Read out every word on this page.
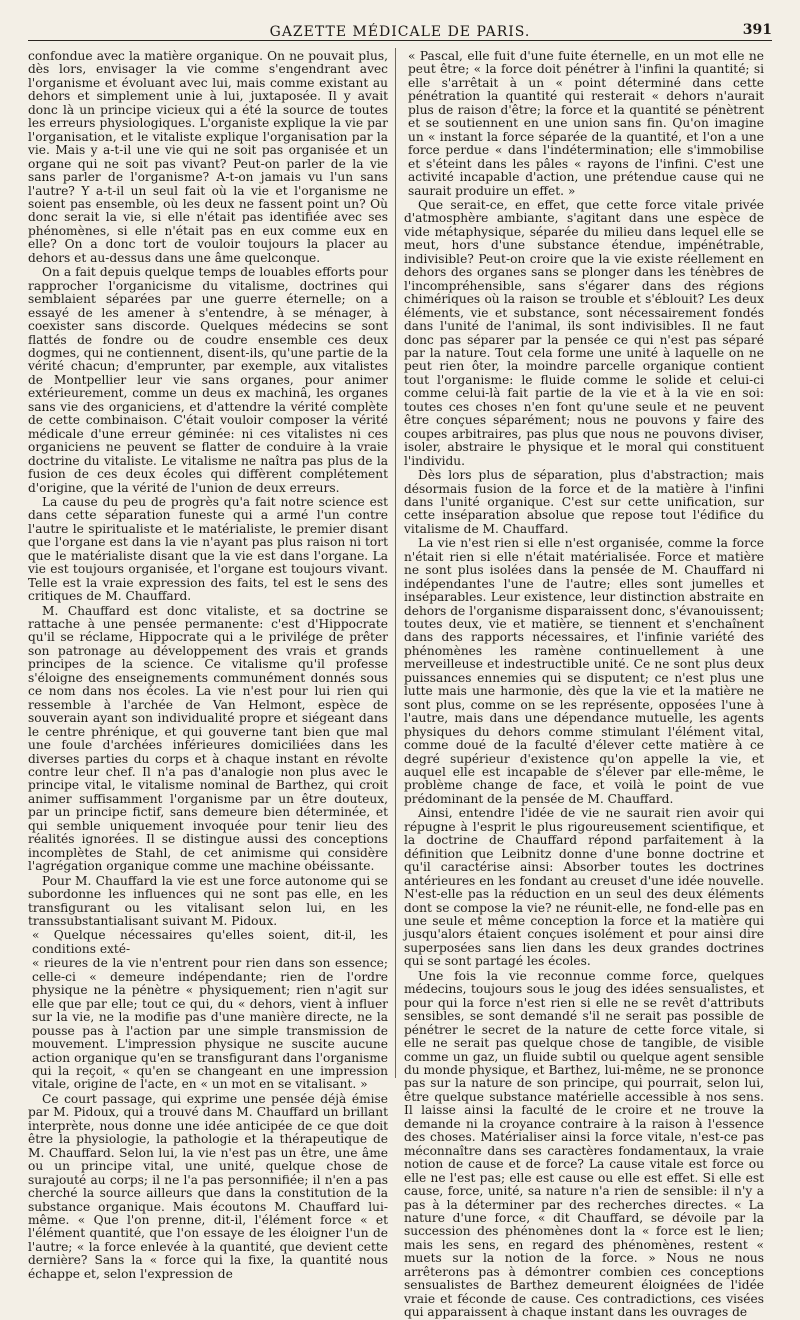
GAZETTE MÉDICALE DE PARIS.	391

confondue avec la matière organique. On ne pouvait plus, dès lors, envisager la vie comme s'engendrant avec l'organisme et évoluant avec lui, mais comme existant au dehors et simplement unie à lui, juxtaposée. Il y avait donc là un principe vicieux qui a été la source de toutes les erreurs physiologiques. L'organiste explique la vie par l'organisation, et le vitaliste explique l'organisation par la vie. Mais y a-t-il une vie qui ne soit pas organisée et un organe qui ne soit pas vivant? Peut-on parler de la vie sans parler de l'organisme? A-t-on jamais vu l'un sans l'autre? Y a-t-il un seul fait où la vie et l'organisme ne soient pas ensemble, où les deux ne fassent point un? Où donc serait la vie, si elle n'était pas identifiée avec ses phénomènes, si elle n'était pas en eux comme eux en elle? On a donc tort de vouloir toujours la placer au dehors et au-dessus dans une âme quelconque.

On a fait depuis quelque temps de louables efforts pour rapprocher l'organicisme du vitalisme, doctrines qui semblaient séparées par une guerre éternelle; on a essayé de les amener à s'entendre, à se ménager, à coexister sans discorde. Quelques médecins se sont flattés de fondre ou de coudre ensemble ces deux dogmes, qui ne contiennent, disent-ils, qu'une partie de la vérité chacun; d'emprunter, par exemple, aux vitalistes de Montpellier leur vie sans organes, pour animer extérieurement, comme un deus ex machinâ, les organes sans vie des organiciens, et d'attendre la vérité complète de cette combinaison. C'était vouloir composer la vérité médicale d'une erreur géminée: ni ces vitalistes ni ces organiciens ne peuvent se flatter de conduire à la vraie doctrine du vitaliste. Le vitalisme ne naîtra pas plus de la fusion de ces deux écoles qui diffèrent complétement d'origine, que la vérité de l'union de deux erreurs.

La cause du peu de progrès qu'a fait notre science est dans cette séparation funeste qui a armé l'un contre l'autre le spiritualiste et le matérialiste, le premier disant que l'organe est dans la vie n'ayant pas plus raison ni tort que le matérialiste disant que la vie est dans l'organe. La vie est toujours organisée, et l'organe est toujours vivant. Telle est la vraie expression des faits, tel est le sens des critiques de M. Chauffard.

M. Chauffard est donc vitaliste, et sa doctrine se rattache à une pensée permanente: c'est d'Hippocrate qu'il se réclame, Hippocrate qui a le privilége de prêter son patronage au développement des vrais et grands principes de la science. Ce vitalisme qu'il professe s'éloigne des enseignements communément donnés sous ce nom dans nos écoles. La vie n'est pour lui rien qui ressemble à l'archée de Van Helmont, espèce de souverain ayant son individualité propre et siégeant dans le centre phrénique, et qui gouverne tant bien que mal une foule d'archées inférieures domiciliées dans les diverses parties du corps et à chaque instant en révolte contre leur chef. Il n'a pas d'analogie non plus avec le principe vital, le vitalisme nominal de Barthez, qui croit animer suffisamment l'organisme par un être douteux, par un principe fictif, sans demeure bien déterminée, et qui semble uniquement invoquée pour tenir lieu des réalités ignorées. Il se distingue aussi des conceptions incomplètes de Stahl, de cet animisme qui considère l'agrégation organique comme une machine obéissante.

Pour M. Chauffard la vie est une force autonome qui se subordonne les influences qui ne sont pas elle, en les transfigurant ou les vitalisant selon lui, en les transsubstantialisant suivant M. Pidoux.

« Quelque nécessaires qu'elles soient, dit-il, les conditions exté-

« rieures de la vie n'entrent pour rien dans son essence; celle-ci « demeure indépendante; rien de l'ordre physique ne la pénètre « physiquement; rien n'agit sur elle que par elle; tout ce qui, du « dehors, vient à influer sur la vie, ne la modifie pas d'une manière directe, ne la pousse pas à l'action par une simple transmission de mouvement. L'impression physique ne suscite aucune action organique qu'en se transfigurant dans l'organisme qui la reçoit, « qu'en se changeant en une impression vitale, origine de l'acte, en « un mot en se vitalisant. »

Ce court passage, qui exprime une pensée déjà émise par M. Pidoux, qui a trouvé dans M. Chauffard un brillant interprète, nous donne une idée anticipée de ce que doit être la physiologie, la pathologie et la thérapeutique de M. Chauffard. Selon lui, la vie n'est pas un être, une âme ou un principe vital, une unité, quelque chose de surajouté au corps; il ne l'a pas personnifiée; il n'en a pas cherché la source ailleurs que dans la constitution de la substance organique. Mais écoutons M. Chauffard lui-même. « Que l'on prenne, dit-il, l'élément force « et l'élément quantité, que l'on essaye de les éloigner l'un de l'autre; « la force enlevée à la quantité, que devient cette dernière? Sans la « force qui la fixe, la quantité nous échappe et, selon l'expression de

« Pascal, elle fuit d'une fuite éternelle, en un mot elle ne peut être; « la force doit pénétrer à l'infini la quantité; si elle s'arrêtait à un « point déterminé dans cette pénétration la quantité qui resterait « dehors n'aurait plus de raison d'être; la force et la quantité se pénètrent et se soutiennent en une union sans fin. Qu'on imagine un « instant la force séparée de la quantité, et l'on a une force perdue « dans l'indétermination; elle s'immobilise et s'éteint dans les pâles « rayons de l'infini. C'est une activité incapable d'action, une prétendue cause qui ne saurait produire un effet. »

Que serait-ce, en effet, que cette force vitale privée d'atmosphère ambiante, s'agitant dans une espèce de vide métaphysique, séparée du milieu dans lequel elle se meut, hors d'une substance étendue, impénétrable, indivisible? Peut-on croire que la vie existe réellement en dehors des organes sans se plonger dans les ténèbres de l'incompréhensible, sans s'égarer dans des régions chimériques où la raison se trouble et s'éblouit? Les deux éléments, vie et substance, sont nécessairement fondés dans l'unité de l'animal, ils sont indivisibles. Il ne faut donc pas séparer par la pensée ce qui n'est pas séparé par la nature. Tout cela forme une unité à laquelle on ne peut rien ôter, la moindre parcelle organique contient tout l'organisme: le fluide comme le solide et celui-ci comme celui-là fait partie de la vie et à la vie en soi: toutes ces choses n'en font qu'une seule et ne peuvent être conçues séparément; nous ne pouvons y faire des coupes arbitraires, pas plus que nous ne pouvons diviser, isoler, abstraire le physique et le moral qui constituent l'individu.

Dès lors plus de séparation, plus d'abstraction; mais désormais fusion de la force et de la matière à l'infini dans l'unité organique. C'est sur cette unification, sur cette inséparation absolue que repose tout l'édifice du vitalisme de M. Chauffard.

La vie n'est rien si elle n'est organisée, comme la force n'était rien si elle n'était matérialisée. Force et matière ne sont plus isolées dans la pensée de M. Chauffard ni indépendantes l'une de l'autre; elles sont jumelles et inséparables. Leur existence, leur distinction abstraite en dehors de l'organisme disparaissent donc, s'évanouissent; toutes deux, vie et matière, se tiennent et s'enchaînent dans des rapports nécessaires, et l'infinie variété des phénomènes les ramène continuellement à une merveilleuse et indestructible unité. Ce ne sont plus deux puissances ennemies qui se disputent; ce n'est plus une lutte mais une harmonie, dès que la vie et la matière ne sont plus, comme on se les représente, opposées l'une à l'autre, mais dans une dépendance mutuelle, les agents physiques du dehors comme stimulant l'élément vital, comme doué de la faculté d'élever cette matière à ce degré supérieur d'existence qu'on appelle la vie, et auquel elle est incapable de s'élever par elle-même, le problème change de face, et voilà le point de vue prédominant de la pensée de M. Chauffard.

Ainsi, entendre l'idée de vie ne saurait rien avoir qui répugne à l'esprit le plus rigoureusement scientifique, et la doctrine de Chauffard répond parfaitement à la définition que Leibnitz donne d'une bonne doctrine et qu'il caractérise ainsi: Absorber toutes les doctrines antérieures en les fondant au creuset d'une idée nouvelle. N'est-elle pas la réduction en un seul des deux éléments dont se compose la vie? ne réunit-elle, ne fond-elle pas en une seule et même conception la force et la matière qui jusqu'alors étaient conçues isolément et pour ainsi dire superposées sans lien dans les deux grandes doctrines qui se sont partagé les écoles.

Une fois la vie reconnue comme force, quelques médecins, toujours sous le joug des idées sensualistes, et pour qui la force n'est rien si elle ne se revêt d'attributs sensibles, se sont demandé s'il ne serait pas possible de pénétrer le secret de la nature de cette force vitale, si elle ne serait pas quelque chose de tangible, de visible comme un gaz, un fluide subtil ou quelque agent sensible du monde physique, et Barthez, lui-même, ne se prononce pas sur la nature de son principe, qui pourrait, selon lui, être quelque substance matérielle accessible à nos sens. Il laisse ainsi la faculté de le croire et ne trouve la demande ni la croyance contraire à la raison à l'essence des choses. Matérialiser ainsi la force vitale, n'est-ce pas méconnaître dans ses caractères fondamentaux, la vraie notion de cause et de force? La cause vitale est force ou elle ne l'est pas; elle est cause ou elle est effet. Si elle est cause, force, unité, sa nature n'a rien de sensible: il n'y a pas à la déterminer par des recherches directes. « La nature d'une force, « dit Chauffard, se dévoile par la succession des phénomènes dont la « force est le lien; mais les sens, en regard des phénomènes, restent « muets sur la notion de la force. » Nous ne nous arrêterons pas à démontrer combien ces conceptions sensualistes de Barthez demeurent éloignées de l'idée vraie et féconde de cause. Ces contradictions, ces visées qui apparaissent à chaque instant dans les ouvrages de
